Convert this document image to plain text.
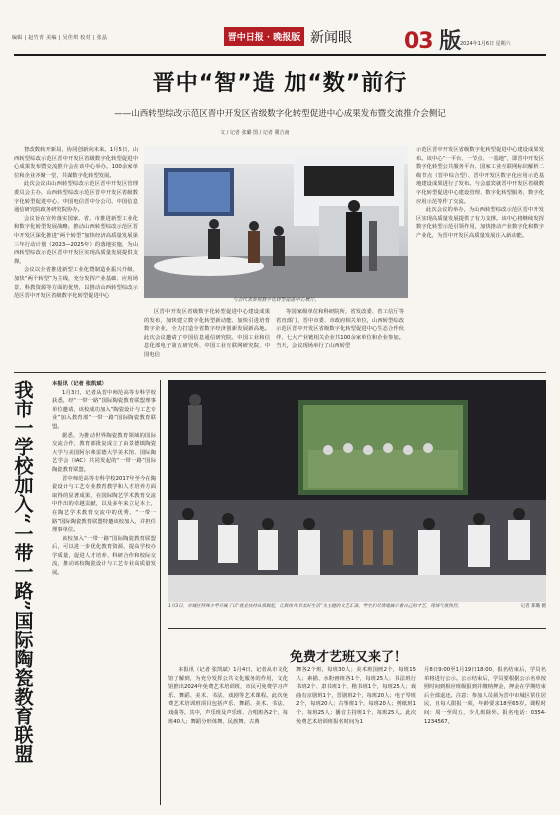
编辑 | 赵竹青 美编 | 吴佳琪 校对 | 张晶	晋中日报 · 晚报版 新闻眼 03 版 2024年1月6日 星期六
晋中“智”造 加“数”前行
——山西转型综改示范区晋中开发区省级数字化转型促进中心成果发布暨交流推介会侧记
文 / 记者 张璐 图 / 记者 冀吉南

智改数转开新局，协同创新向未来。1月5日，山西转型综改示范区晋中开发区省级数字化转型促进中心成果发布暨交流推介会在该中心举办。100余家单位和企业齐聚一堂，共谋数字化转型发展。

此次会议由山西转型综改示范区晋中开发区管理委员会主办，山西转型综改示范区晋中开发区省级数字化转型促进中心、中国电信晋中分公司、中国信息通信研究院政务研究院协办。

会议旨在宣传落实国家、省、市推进新型工业化和数字化转型发展战略，推动山西转型综改示范区晋中开发区深化推进“两个转型”加快经济高质量发展第三年行动计划（2023—2025年）的落地实施，为山西转型综改示范区晋中开发区实现高质量发展提供支撑。

会议以全省推进新型工业化暨制造业振兴升级、加快“两个转型”为主线，充分发挥产业基础、应用场景、科教资源等方面的优势，以推动山西转型综改示范区晋中开发区省级数字化转型促进中心

与会代表参观数字化转型促进中心展厅。

区晋中开发区省级数字化转型促进中心建设成果的发布，加快建立数字化转型新动能、加快引进培育数字企业，全力打造全省数字经济创新发展新高地。此次会议邀请了中国信息通信研究院、中国工业和信息化部电子第五研究所、中国工业互联网研究院、中国电信

等国家级单位和科研院所，省发改委、省工信厅等省直部门，晋中市委、市政府相关单位，山西转型综改示范区晋中开发区省级数字化转型促进中心生态合作伙伴、七大产业链相关企业共100余家单位和企业参加。当天，会议现场举行了山西转型

示范区晋中开发区省级数字化转型促进中心建设成果发布。该中心“一平台、一节点、一基地”，即晋中开发区数字化转型公共服务平台、国家工业互联网标识解析二级节点（晋中综合型）、晋中开发区数字化应用示范基地建设成果进行了发布。与会嘉宾就晋中开发区省级数字化转型促进中心建设管理、数字化转型服务、数字化应用示范等作了交流。

此次会议的举办，为山西转型综改示范区晋中开发区实现高质量发展提供了有力支撑。该中心将继续发挥数字化转型示范引领作用，加快推动产业数字化和数字产业化，为晋中开发区高质量发展注入新动能。

我市一学校加入“一带一路”国际陶瓷教育联盟	本报讯（记者 张凯斌）

1月3日，记者从晋中师范高等专科学校获悉，经“一带一路”国际陶瓷教育联盟理事单位邀请，该校成功加入“陶瓷设计与工艺专业”加入教育部“一带一路”国际陶瓷教育联盟。

据悉，为推动世界陶瓷教育领域的国际交流合作，教育部批复成立了由景德镇陶瓷大学与美国阿尔弗雷德大学美术馆、国际陶艺学会（IAC）共同发起的“一带一路”国际陶瓷教育联盟。

晋中师范高等专科学校2017年至今在陶瓷设计与工艺专业教育教学和人才培养方面取得的显著成果，在国际陶艺学术教育交流中作出的卓越贡献，以及多年来立足本土，在陶艺学术教育交流中的优秀，“一带一路”国际陶瓷教育联盟特邀该校加入，并担任理事单位。

该校加入“一带一路”国际陶瓷教育联盟后，可以进一步优化教育资源，提高学校办学质量，促进人才培养、科研合作和校际交流，推动该校陶瓷设计与工艺专业高质量发展。

1月3日，市城区特殊小学开展了以“就业扶持从我做起，让群体共享美好生活”为主题的文艺汇演。学生们尽情地展示着自己的才艺，现场气氛热烈。	记者 郑璐 摄
免费才艺班又来了！

本报讯（记者 张凯斌）1月4日，记者从市文化馆了解到，为充分发挥公共文化服务的作用，文化馆推出2024年免费艺术培训班，市民可免费学习声乐、舞蹈、美术、书法、戏剧等艺术课程。此次免费艺术培训班项目包括声乐、舞蹈、美术、书法、戏曲等。其中，声乐班及声乐班、合唱班各2个，每班40人；舞蹈分形体舞、民族舞、古典

舞各2个班，每班30人；美术班国画2个，每班15人；素描、水粉画班各1个，每班25人；书法班行书班2个、隶书班1个、楷书班1个，每班25人；戏曲有京剧班1个，晋剧班2个，每班20人；电子琴班2个，每班20人；古筝班1个，每班20人；剪纸班1个，每班25人；播音主持班1个，每班25人。此次免费艺术培训班报名时间为1

月8日9:00至1月19日18:00，报名结束后，学员名单将进行公示。公示结束后，学员要根据公示名单按照时间到相应班级报到并缴纳押金，押金在学期结束后全部退还。注意：参加人员须为晋中市城区常住居民，且每人限报一项，年龄要求18至65岁。课程时间：周一至周五，少儿班除外。报名电话：0354-1234567。
